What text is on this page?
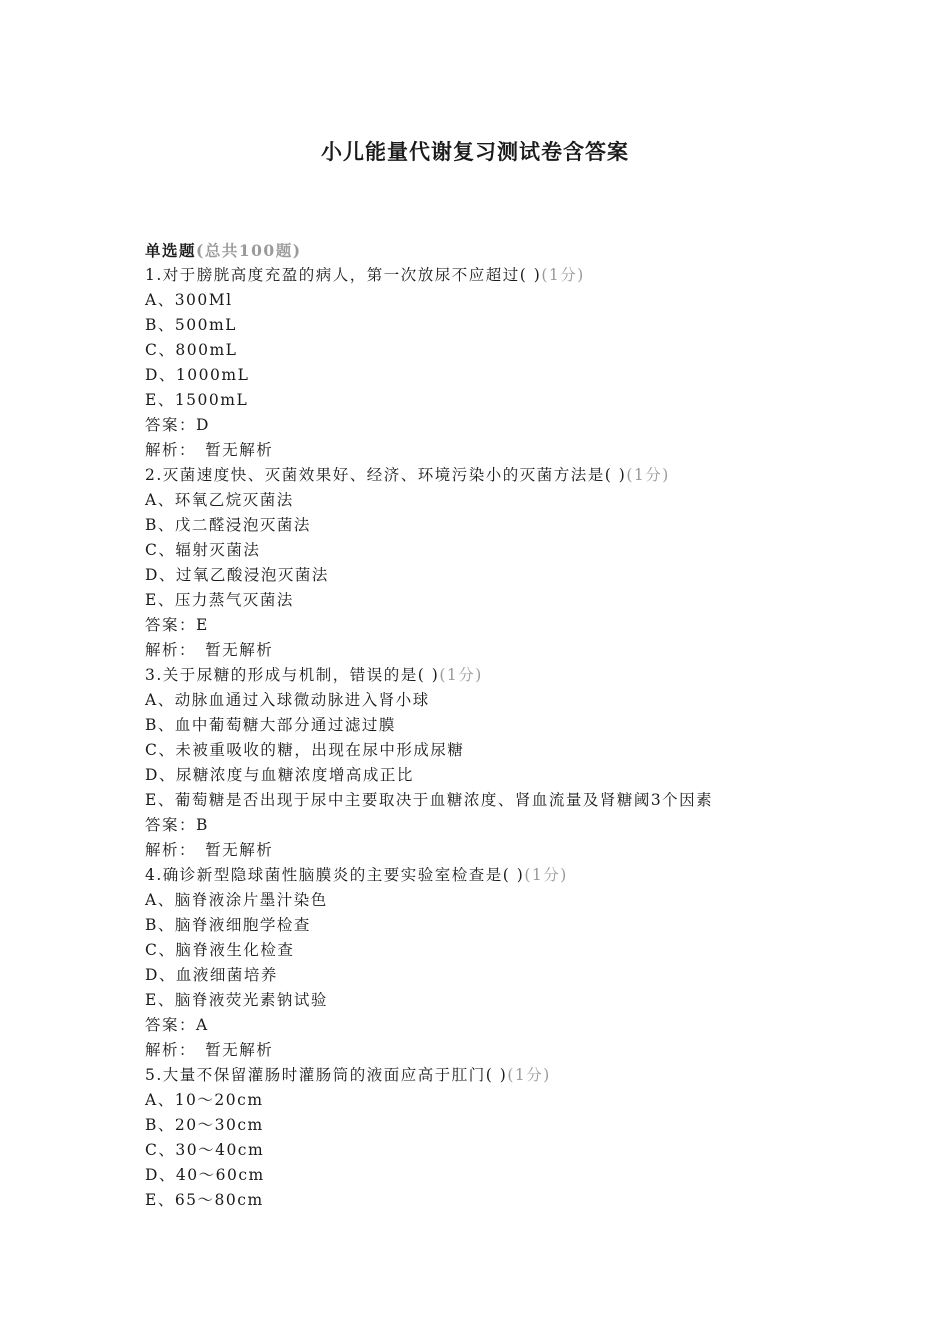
小儿能量代谢复习测试卷含答案
单选题(总共100题)
1.对于膀胱高度充盈的病人，第一次放尿不应超过( )(1分)
A、300Ml
B、500mL
C、800mL
D、1000mL
E、1500mL
答案：D
解析：　暂无解析
2.灭菌速度快、灭菌效果好、经济、环境污染小的灭菌方法是( )(1分)
A、环氧乙烷灭菌法
B、戊二醛浸泡灭菌法
C、辐射灭菌法
D、过氧乙酸浸泡灭菌法
E、压力蒸气灭菌法
答案：E
解析：　暂无解析
3.关于尿糖的形成与机制，错误的是( )(1分)
A、动脉血通过入球微动脉进入肾小球
B、血中葡萄糖大部分通过滤过膜
C、未被重吸收的糖，出现在尿中形成尿糖
D、尿糖浓度与血糖浓度增高成正比
E、葡萄糖是否出现于尿中主要取决于血糖浓度、肾血流量及肾糖阈3个因素
答案：B
解析：　暂无解析
4.确诊新型隐球菌性脑膜炎的主要实验室检查是( )(1分)
A、脑脊液涂片墨汁染色
B、脑脊液细胞学检查
C、脑脊液生化检查
D、血液细菌培养
E、脑脊液荧光素钠试验
答案：A
解析：　暂无解析
5.大量不保留灌肠时灌肠筒的液面应高于肛门( )(1分)
A、10～20cm
B、20～30cm
C、30～40cm
D、40～60cm
E、65～80cm
